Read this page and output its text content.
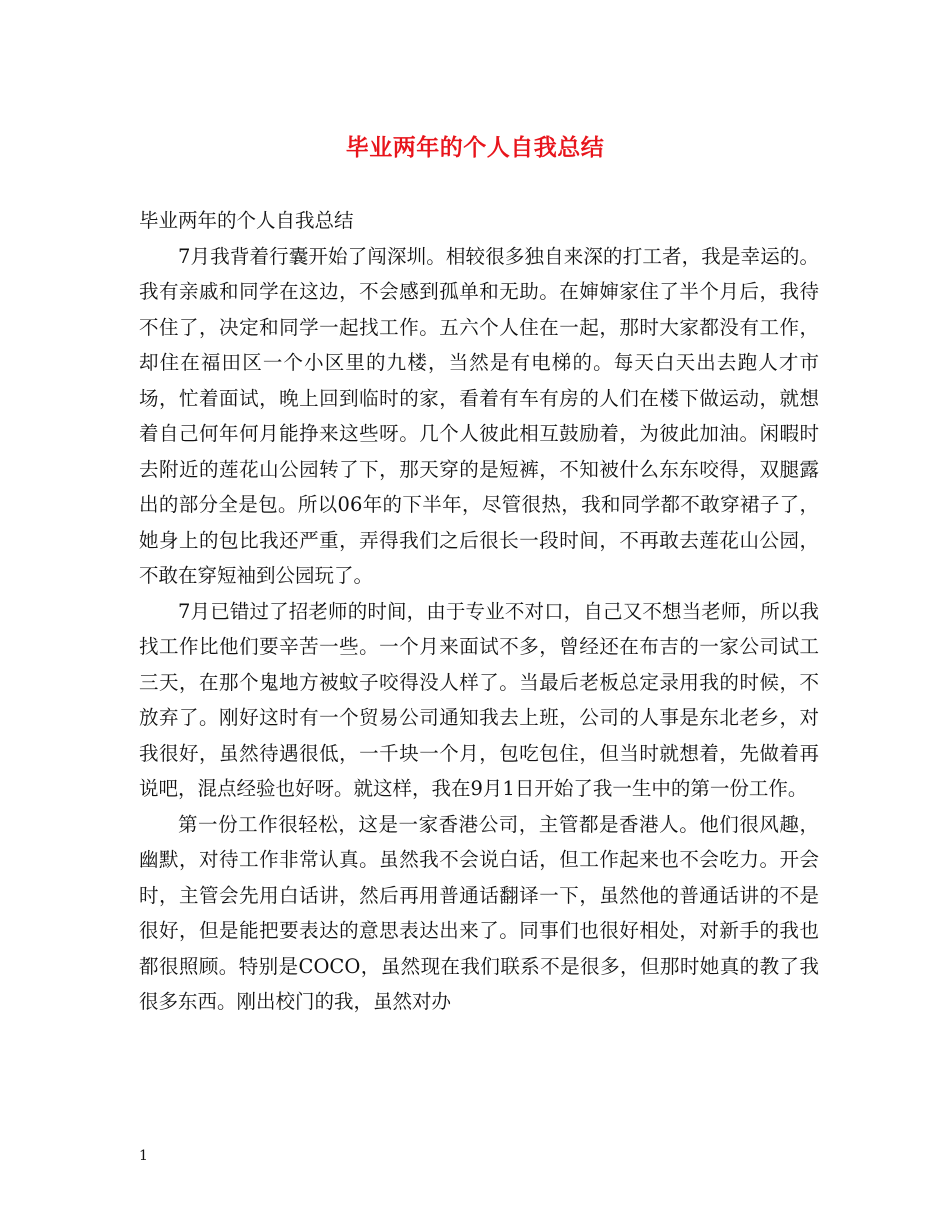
毕业两年的个人自我总结

毕业两年的个人自我总结

7月我背着行囊开始了闯深圳。相较很多独自来深的打工者，我是幸运的。我有亲戚和同学在这边，不会感到孤单和无助。在婶婶家住了半个月后，我待不住了，决定和同学一起找工作。五六个人住在一起，那时大家都没有工作，却住在福田区一个小区里的九楼，当然是有电梯的。每天白天出去跑人才市场，忙着面试，晚上回到临时的家，看着有车有房的人们在楼下做运动，就想着自己何年何月能挣来这些呀。几个人彼此相互鼓励着，为彼此加油。闲暇时去附近的莲花山公园转了下，那天穿的是短裤，不知被什么东东咬得，双腿露出的部分全是包。所以06年的下半年，尽管很热，我和同学都不敢穿裙子了，她身上的包比我还严重，弄得我们之后很长一段时间，不再敢去莲花山公园，不敢在穿短袖到公园玩了。

7月已错过了招老师的时间，由于专业不对口，自己又不想当老师，所以我找工作比他们要辛苦一些。一个月来面试不多，曾经还在布吉的一家公司试工三天，在那个鬼地方被蚊子咬得没人样了。当最后老板总定录用我的时候，不放弃了。刚好这时有一个贸易公司通知我去上班，公司的人事是东北老乡，对我很好，虽然待遇很低，一千块一个月，包吃包住，但当时就想着，先做着再说吧，混点经验也好呀。就这样，我在9月1日开始了我一生中的第一份工作。

第一份工作很轻松，这是一家香港公司，主管都是香港人。他们很风趣，幽默，对待工作非常认真。虽然我不会说白话，但工作起来也不会吃力。开会时，主管会先用白话讲，然后再用普通话翻译一下，虽然他的普通话讲的不是很好，但是能把要表达的意思表达出来了。同事们也很好相处，对新手的我也都很照顾。特别是COCO，虽然现在我们联系不是很多，但那时她真的教了我很多东西。刚出校门的我，虽然对办

1
